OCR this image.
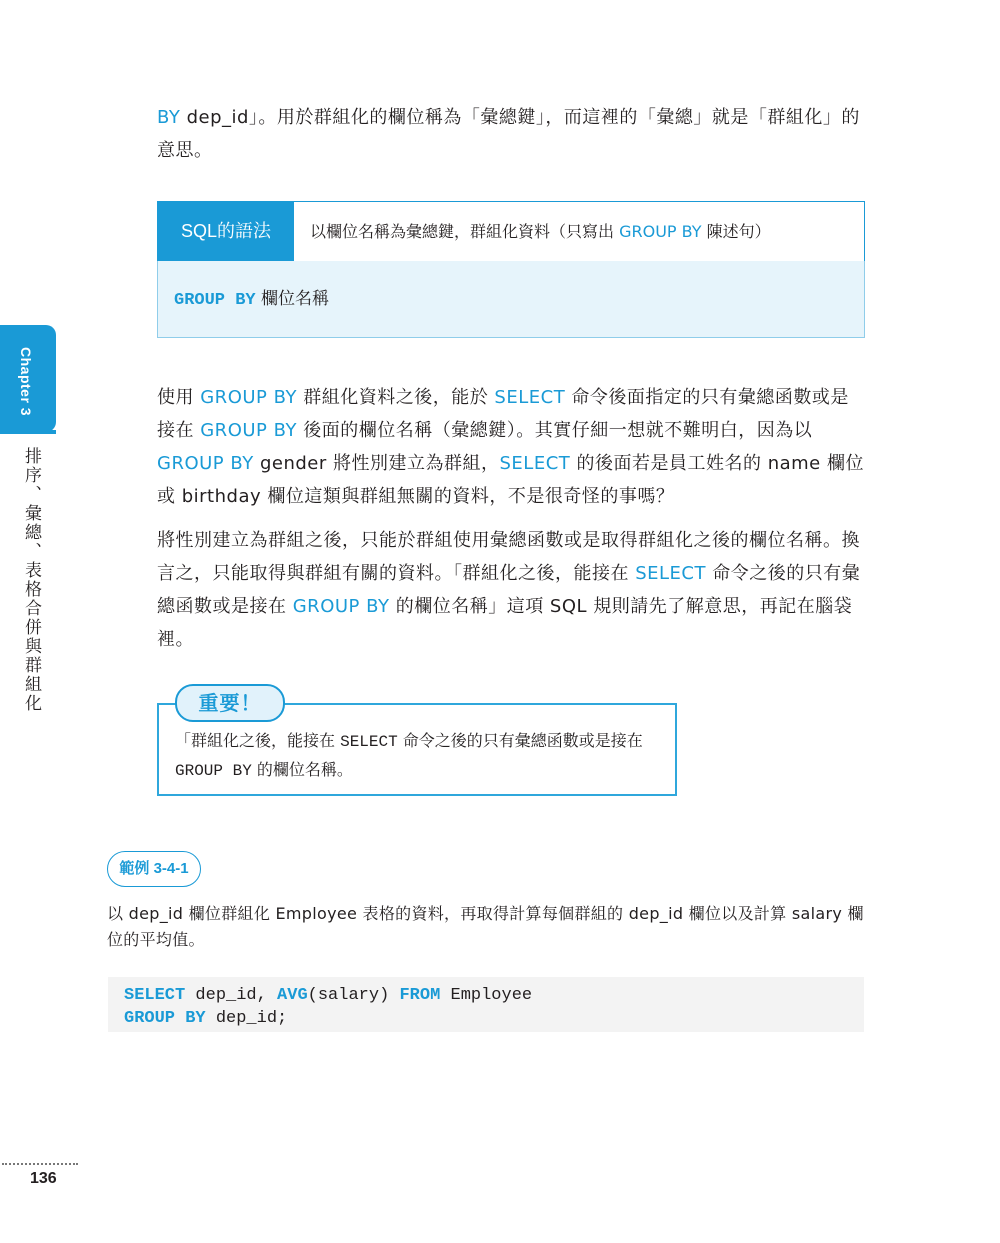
Chapter 3
排序、彙總、表格合併與群組化

BY dep_id」。用於群組化的欄位稱為「彙總鍵」，而這裡的「彙總」就是「群組化」的意思。

SQL的語法	以欄位名稱為彙總鍵，群組化資料（只寫出 GROUP BY 陳述句）
GROUP BY 欄位名稱

使用 GROUP BY 群組化資料之後，能於 SELECT 命令後面指定的只有彙總函數或是接在 GROUP BY 後面的欄位名稱（彙總鍵）。其實仔細一想就不難明白，因為以 GROUP BY gender 將性別建立為群組，SELECT 的後面若是員工姓名的 name 欄位或 birthday 欄位這類與群組無關的資料，不是很奇怪的事嗎？

將性別建立為群組之後，只能於群組使用彙總函數或是取得群組化之後的欄位名稱。換言之，只能取得與群組有關的資料。「群組化之後，能接在 SELECT 命令之後的只有彙總函數或是接在 GROUP BY 的欄位名稱」這項 SQL 規則請先了解意思，再記在腦袋裡。

「群組化之後，能接在 SELECT 命令之後的只有彙總函數或是接在 GROUP BY 的欄位名稱。
重要！
範例 3-4-1

以 dep_id 欄位群組化 Employee 表格的資料，再取得計算每個群組的 dep_id 欄位以及計算 salary 欄位的平均值。

SELECT dep_id, AVG(salary) FROM Employee
GROUP BY dep_id;
136
